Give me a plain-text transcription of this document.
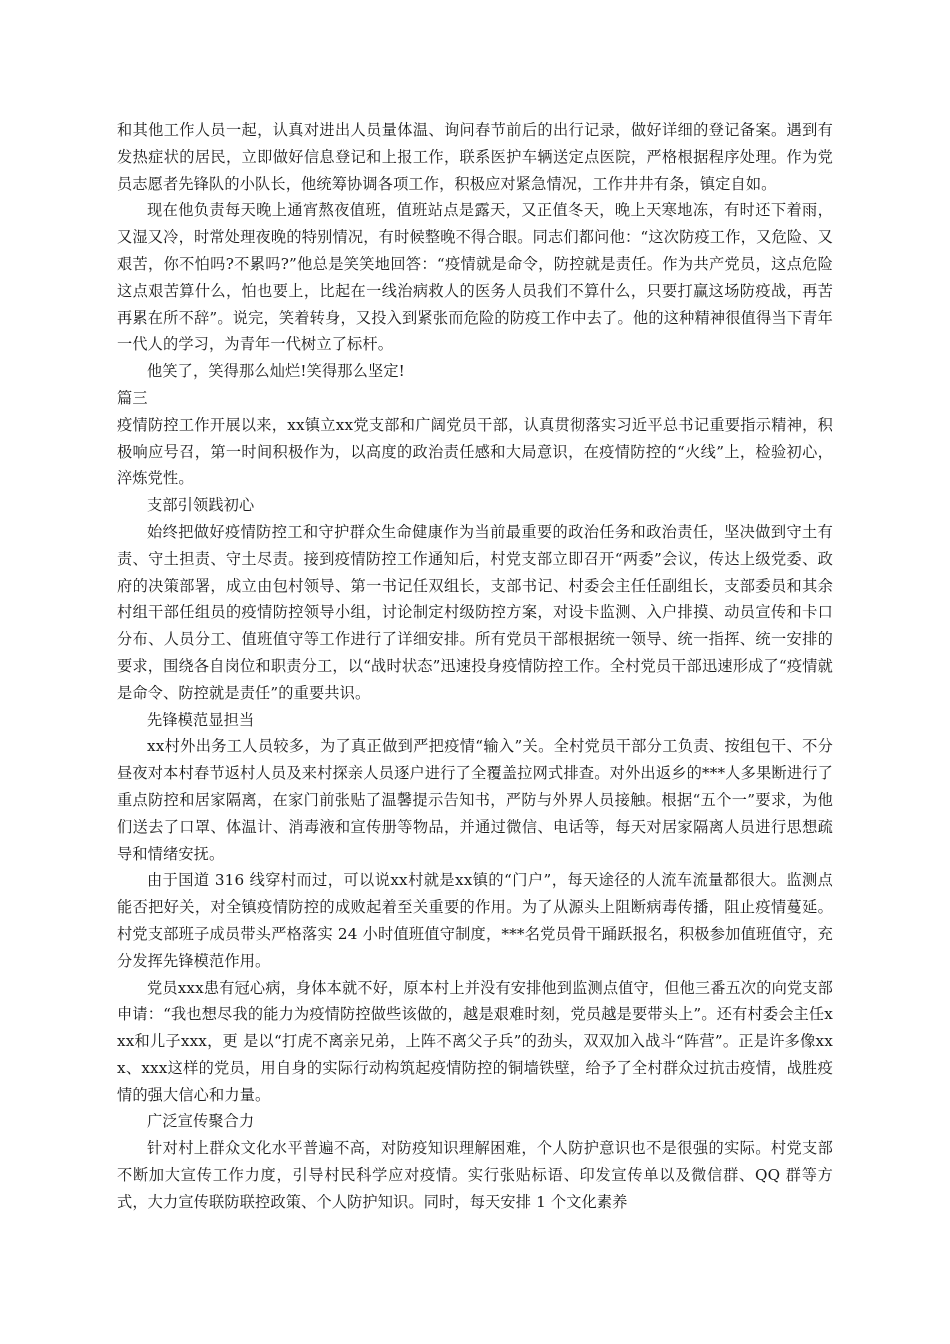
和其他工作人员一起，认真对进出人员量体温、询问春节前后的出行记录，做好详细的登记备案。遇到有发热症状的居民，立即做好信息登记和上报工作，联系医护车辆送定点医院，严格根据程序处理。作为党员志愿者先锋队的小队长，他统筹协调各项工作，积极应对紧急情况，工作井井有条，镇定自如。

现在他负责每天晚上通宵熬夜值班，值班站点是露天，又正值冬天，晚上天寒地冻，有时还下着雨，又湿又冷，时常处理夜晚的特别情况，有时候整晚不得合眼。同志们都问他：“这次防疫工作，又危险、又艰苦，你不怕吗?不累吗?”他总是笑笑地回答：“疫情就是命令，防控就是责任。作为共产党员，这点危险这点艰苦算什么，怕也要上，比起在一线治病救人的医务人员我们不算什么，只要打赢这场防疫战，再苦再累在所不辞”。说完，笑着转身，又投入到紧张而危险的防疫工作中去了。他的这种精神很值得当下青年一代人的学习，为青年一代树立了标杆。

他笑了，笑得那么灿烂!笑得那么坚定!

篇三

疫情防控工作开展以来，xx镇立xx党支部和广阔党员干部，认真贯彻落实习近平总书记重要指示精神，积极响应号召，第一时间积极作为，以高度的政治责任感和大局意识，在疫情防控的“火线”上，检验初心，淬炼党性。

支部引领践初心

始终把做好疫情防控工和守护群众生命健康作为当前最重要的政治任务和政治责任，坚决做到守土有责、守土担责、守土尽责。接到疫情防控工作通知后，村党支部立即召开“两委”会议，传达上级党委、政府的决策部署，成立由包村领导、第一书记任双组长，支部书记、村委会主任任副组长，支部委员和其余村组干部任组员的疫情防控领导小组，讨论制定村级防控方案，对设卡监测、入户排摸、动员宣传和卡口分布、人员分工、值班值守等工作进行了详细安排。所有党员干部根据统一领导、统一指挥、统一安排的要求，围绕各自岗位和职责分工，以“战时状态”迅速投身疫情防控工作。全村党员干部迅速形成了“疫情就是命令、防控就是责任”的重要共识。

先锋模范显担当

xx村外出务工人员较多，为了真正做到严把疫情“输入”关。全村党员干部分工负责、按组包干、不分昼夜对本村春节返村人员及来村探亲人员逐户进行了全覆盖拉网式排查。对外出返乡的***人多果断进行了重点防控和居家隔离，在家门前张贴了温馨提示告知书，严防与外界人员接触。根据“五个一”要求，为他们送去了口罩、体温计、消毒液和宣传册等物品，并通过微信、电话等，每天对居家隔离人员进行思想疏导和情绪安抚。

由于国道 316 线穿村而过，可以说xx村就是xx镇的“门户”，每天途径的人流车流量都很大。监测点能否把好关，对全镇疫情防控的成败起着至关重要的作用。为了从源头上阻断病毒传播，阻止疫情蔓延。村党支部班子成员带头严格落实 24 小时值班值守制度，***名党员骨干踊跃报名，积极参加值班值守，充分发挥先锋模范作用。

党员xxx患有冠心病，身体本就不好，原本村上并没有安排他到监测点值守，但他三番五次的向党支部申请：“我也想尽我的能力为疫情防控做些该做的，越是艰难时刻，党员越是要带头上”。还有村委会主任xxx和儿子xxx，更 是以“打虎不离亲兄弟，上阵不离父子兵”的劲头，双双加入战斗“阵营”。正是许多像xxx、xxx这样的党员，用自身的实际行动构筑起疫情防控的铜墙铁壁，给予了全村群众过抗击疫情，战胜疫情的强大信心和力量。

广泛宣传聚合力

针对村上群众文化水平普遍不高，对防疫知识理解困难，个人防护意识也不是很强的实际。村党支部不断加大宣传工作力度，引导村民科学应对疫情。实行张贴标语、印发宣传单以及微信群、QQ 群等方式，大力宣传联防联控政策、个人防护知识。同时，每天安排 1 个文化素养
